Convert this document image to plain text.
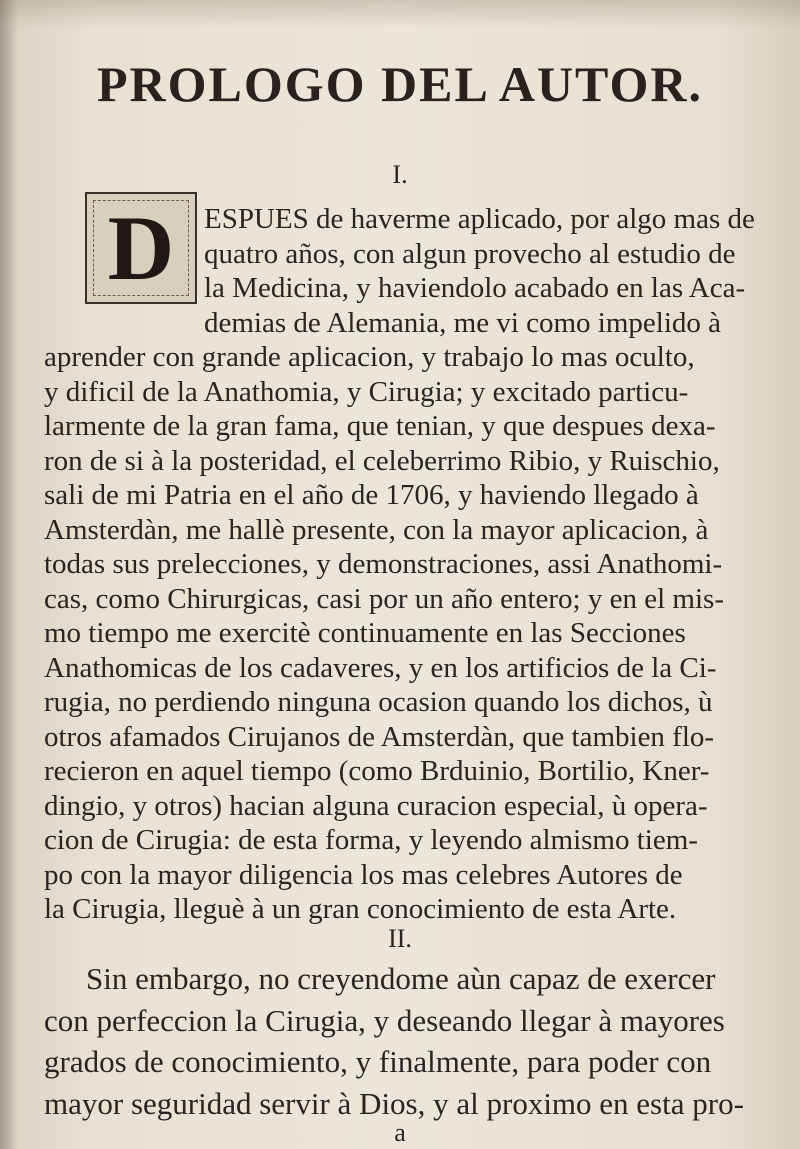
PROLOGO DEL AUTOR.
I.
D	ESPUES de haverme aplicado, por algo mas de
quatro años, con algun provecho al estudio de
la Medicina, y haviendolo acabado en las Aca-
demias de Alemania, me vi como impelido à
aprender con grande aplicacion, y trabajo lo mas oculto,
y dificil de la Anathomia, y Cirugia; y excitado particu-
larmente de la gran fama, que tenian, y que despues dexa-
ron de si à la posteridad, el celeberrimo Ribio, y Ruischio,
sali de mi Patria en el año de 1706, y haviendo llegado à
Amsterdàn, me hallè presente, con la mayor aplicacion, à
todas sus prelecciones, y demonstraciones, assi Anathomi-
cas, como Chirurgicas, casi por un año entero; y en el mis-
mo tiempo me exercitè continuamente en las Secciones
Anathomicas de los cadaveres, y en los artificios de la Ci-
rugia, no perdiendo ninguna ocasion quando los dichos, ù
otros afamados Cirujanos de Amsterdàn, que tambien flo-
recieron en aquel tiempo (como Brduinio, Bortilio, Kner-
dingio, y otros) hacian alguna curacion especial, ù opera-
cion de Cirugia: de esta forma, y leyendo almismo tiem-
po con la mayor diligencia los mas celebres Autores de
la Cirugia, lleguè à un gran conocimiento de esta Arte.
II.
Sin embargo, no creyendome aùn capaz de exercer
con perfeccion la Cirugia, y deseando llegar à mayores
grados de conocimiento, y finalmente, para poder con
mayor seguridad servir à Dios, y al proximo en esta pro-
a
